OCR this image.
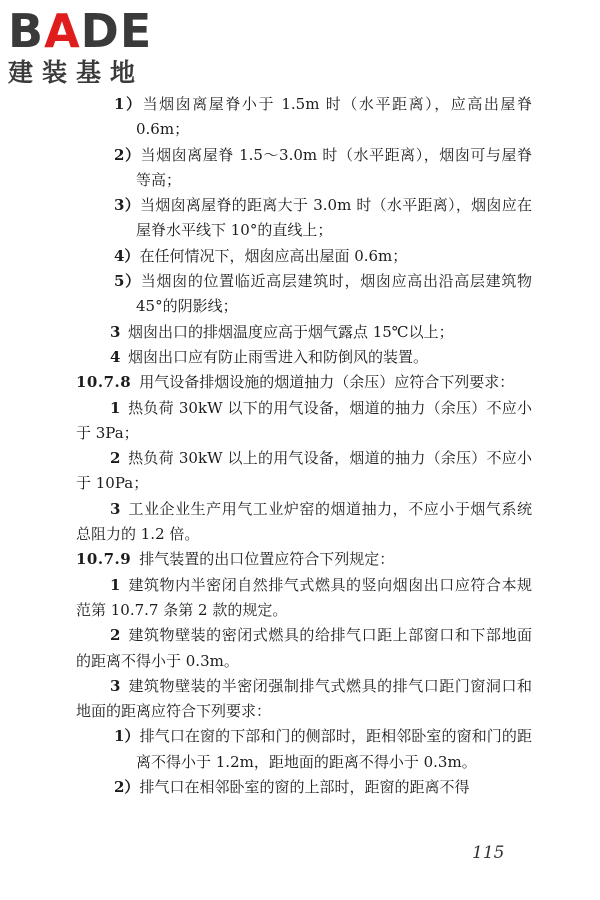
B A DE
建装基地

1）当烟囱离屋脊小于 1.5m 时（水平距离），应高出屋脊 0.6m；

2）当烟囱离屋脊 1.5～3.0m 时（水平距离），烟囱可与屋脊等高；

3）当烟囱离屋脊的距离大于 3.0m 时（水平距离），烟囱应在屋脊水平线下 10°的直线上；

4）在任何情况下，烟囱应高出屋面 0.6m；

5）当烟囱的位置临近高层建筑时，烟囱应高出沿高层建筑物 45°的阴影线；

3  烟囱出口的排烟温度应高于烟气露点 15℃以上；

4  烟囱出口应有防止雨雪进入和防倒风的装置。

10.7.8 用气设备排烟设施的烟道抽力（余压）应符合下列要求：

1  热负荷 30kW 以下的用气设备，烟道的抽力（余压）不应小于 3Pa；

2  热负荷 30kW 以上的用气设备，烟道的抽力（余压）不应小于 10Pa；

3  工业企业生产用气工业炉窑的烟道抽力，不应小于烟气系统总阻力的 1.2 倍。

10.7.9 排气装置的出口位置应符合下列规定：

1  建筑物内半密闭自然排气式燃具的竖向烟囱出口应符合本规范第 10.7.7 条第 2 款的规定。

2  建筑物壁装的密闭式燃具的给排气口距上部窗口和下部地面的距离不得小于 0.3m。

3  建筑物壁装的半密闭强制排气式燃具的排气口距门窗洞口和地面的距离应符合下列要求：

1）排气口在窗的下部和门的侧部时，距相邻卧室的窗和门的距离不得小于 1.2m，距地面的距离不得小于 0.3m。

2）排气口在相邻卧室的窗的上部时，距窗的距离不得

115
